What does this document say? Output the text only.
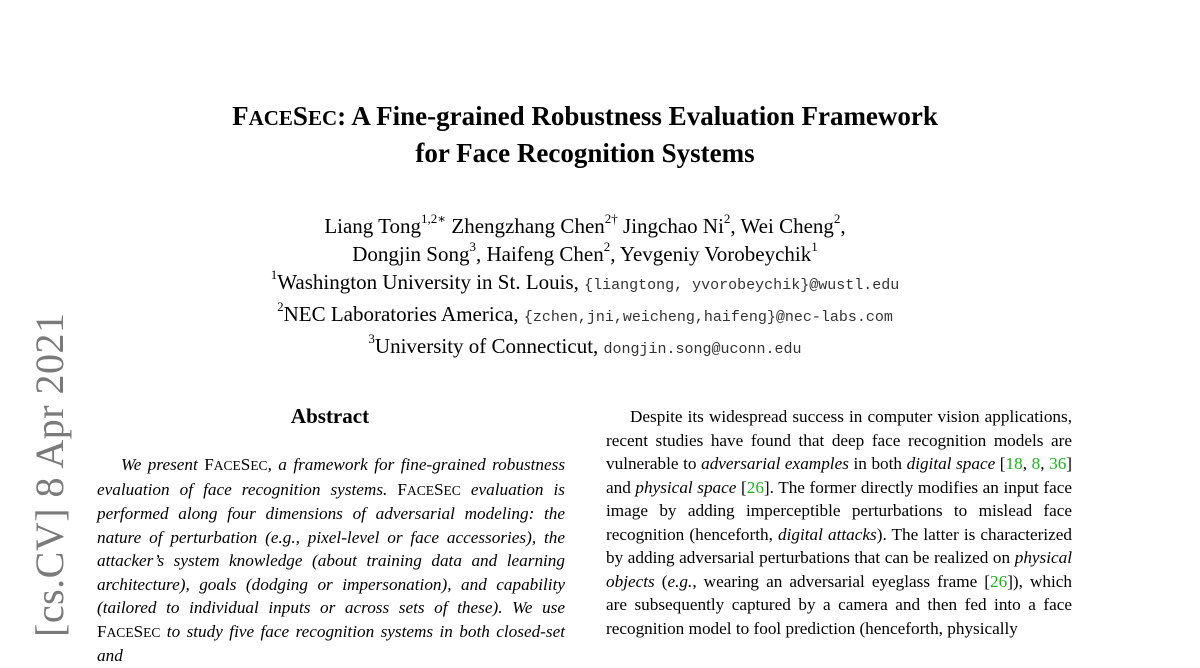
[cs.CV] 8 Apr 2021
FACESEC: A Fine-grained Robustness Evaluation Framework
for Face Recognition Systems
Liang Tong$^{1,2∗}$ Zhengzhang Chen$^{2\dagger}$ Jingchao Ni$^2$, Wei Cheng$^2$,
Dongjin Song$^3$, Haifeng Chen$^2$, Yevgeniy Vorobeychik$^1$
$^1$Washington University in St. Louis, {liangtong, yvorobeychik}@wustl.edu
$^2$NEC Laboratories America, {zchen,jni,weicheng,haifeng}@nec-labs.com
$^3$University of Connecticut, dongjin.song@uconn.edu
Abstract
We present FACESEC, a framework for fine-grained robustness evaluation of face recognition systems. FACESEC evaluation is performed along four dimensions of adversarial modeling: the nature of perturbation (e.g., pixel-level or face accessories), the attacker’s system knowledge (about training data and learning architecture), goals (dodging or impersonation), and capability (tailored to individual inputs or across sets of these). We use FACESEC to study five face recognition systems in both closed-set and
Despite its widespread success in computer vision applications, recent studies have found that deep face recognition models are vulnerable to adversarial examples in both digital space [18, 8, 36] and physical space [26]. The former directly modifies an input face image by adding imperceptible perturbations to mislead face recognition (henceforth, digital attacks). The latter is characterized by adding adversarial perturbations that can be realized on physical objects (e.g., wearing an adversarial eyeglass frame [26]), which are subsequently captured by a camera and then fed into a face recognition model to fool prediction (henceforth, physically
